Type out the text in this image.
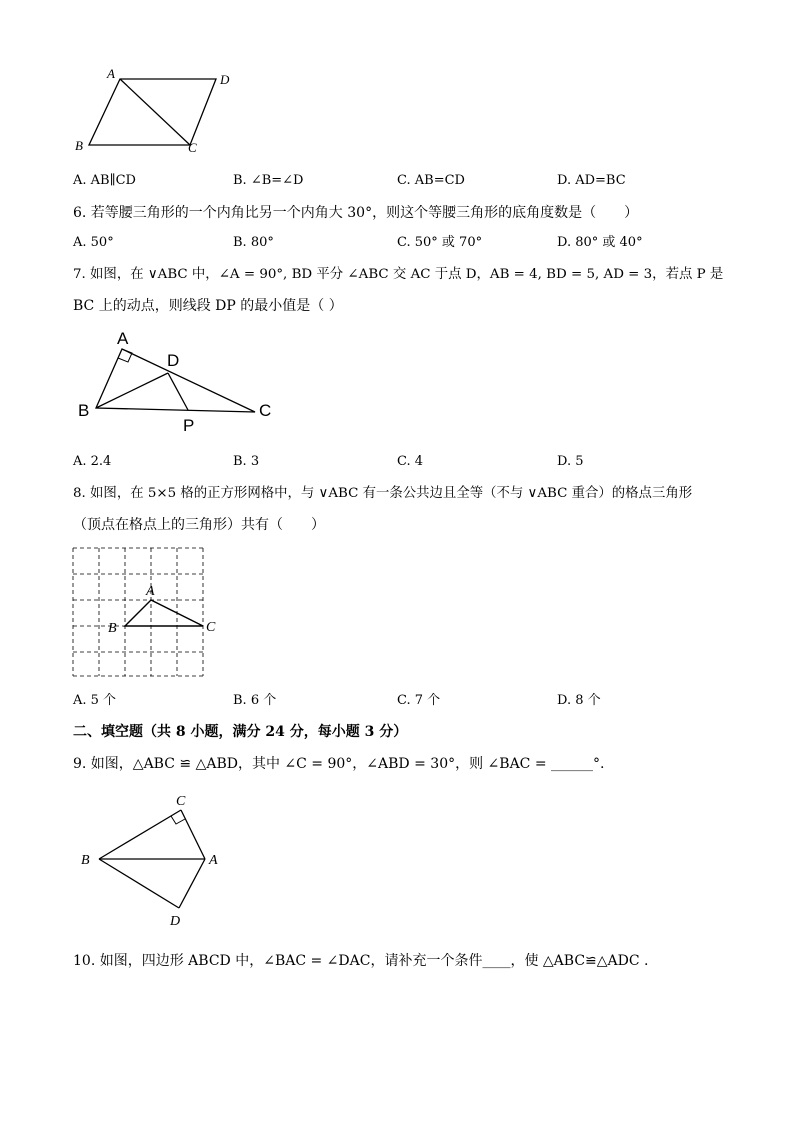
A	D
B	C
A. AB∥CD	B. ∠B=∠D	C. AB=CD	D. AD=BC
6. 若等腰三角形的一个内角比另一个内角大 30°，则这个等腰三角形的底角度数是（　　）
A. 50°	B. 80°	C. 50° 或 70°	D. 80° 或 40°
7. 如图，在 ∨ABC 中，∠A = 90°, BD 平分 ∠ABC 交 AC 于点 D，AB = 4, BD = 5, AD = 3，若点 P 是
BC 上的动点，则线段 DP 的最小值是（ ）
A
D
B	C
P
A. 2.4	B. 3	C. 4	D. 5
8. 如图，在 5×5 格的正方形网格中，与 ∨ABC 有一条公共边且全等（不与 ∨ABC 重合）的格点三角形
（顶点在格点上的三角形）共有（　　）
A
B	C
A. 5 个	B. 6 个	C. 7 个	D. 8 个
二、填空题（共 8 小题，满分 24 分，每小题 3 分）
9. 如图，△ABC ≌ △ABD，其中 ∠C = 90°，∠ABD = 30°，则 ∠BAC = ______°.
C
B	A
D
10. 如图，四边形 ABCD 中，∠BAC = ∠DAC，请补充一个条件____，使 △ABC≌△ADC .
